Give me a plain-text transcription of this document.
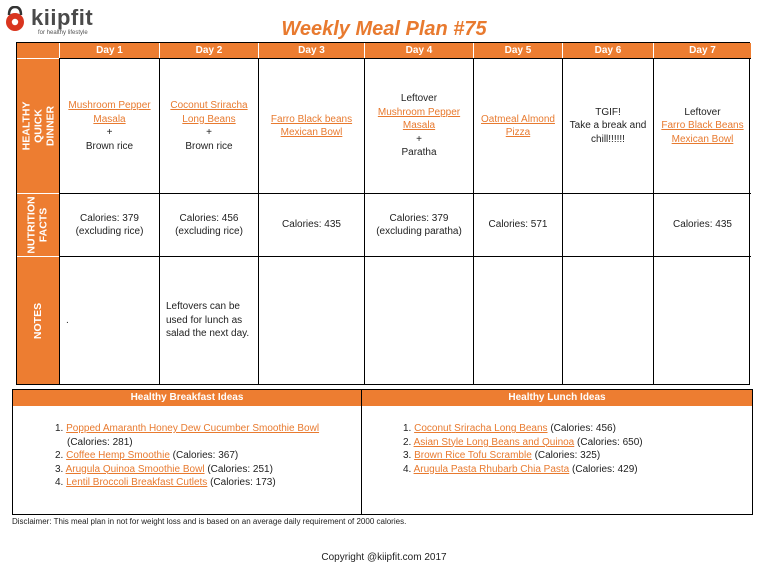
kiipfit
for healthy lifestyle	Weekly Meal Plan #75
HEALTHY QUICK DINNER
NUTRITION FACTS
NOTES
Day 1
Mushroom Pepper Masala
+
Brown rice
Calories: 379
(excluding rice)
.
Day 2
Coconut Sriracha Long Beans
+
Brown rice
Calories: 456
(excluding rice)
Leftovers can be used for lunch as salad the next day.
Day 3
Farro Black beans Mexican Bowl
Calories: 435
Day 4
Leftover
Mushroom Pepper Masala
+
Paratha
Calories: 379
(excluding paratha)
Day 5
Oatmeal Almond Pizza
Calories: 571
Day 6
TGIF!
Take a break and chill!!!!!!
Day 7
Leftover
Farro Black Beans Mexican Bowl
Calories: 435
Healthy Breakfast Ideas	Healthy Lunch Ideas
1. Popped Amaranth Honey Dew Cucumber Smoothie Bowl
(Calories: 281)
2. Coffee Hemp Smoothie (Calories: 367)
3. Arugula Quinoa Smoothie Bowl (Calories: 251)
4. Lentil Broccoli Breakfast Cutlets (Calories: 173)
1. Coconut Sriracha Long Beans (Calories: 456)
2. Asian Style Long Beans and Quinoa (Calories: 650)
3. Brown Rice Tofu Scramble (Calories: 325)
4. Arugula Pasta Rhubarb Chia Pasta (Calories: 429)
Disclaimer: This meal plan in not for weight loss and is based on an average daily requirement of 2000 calories.
Copyright @kiipfit.com 2017
